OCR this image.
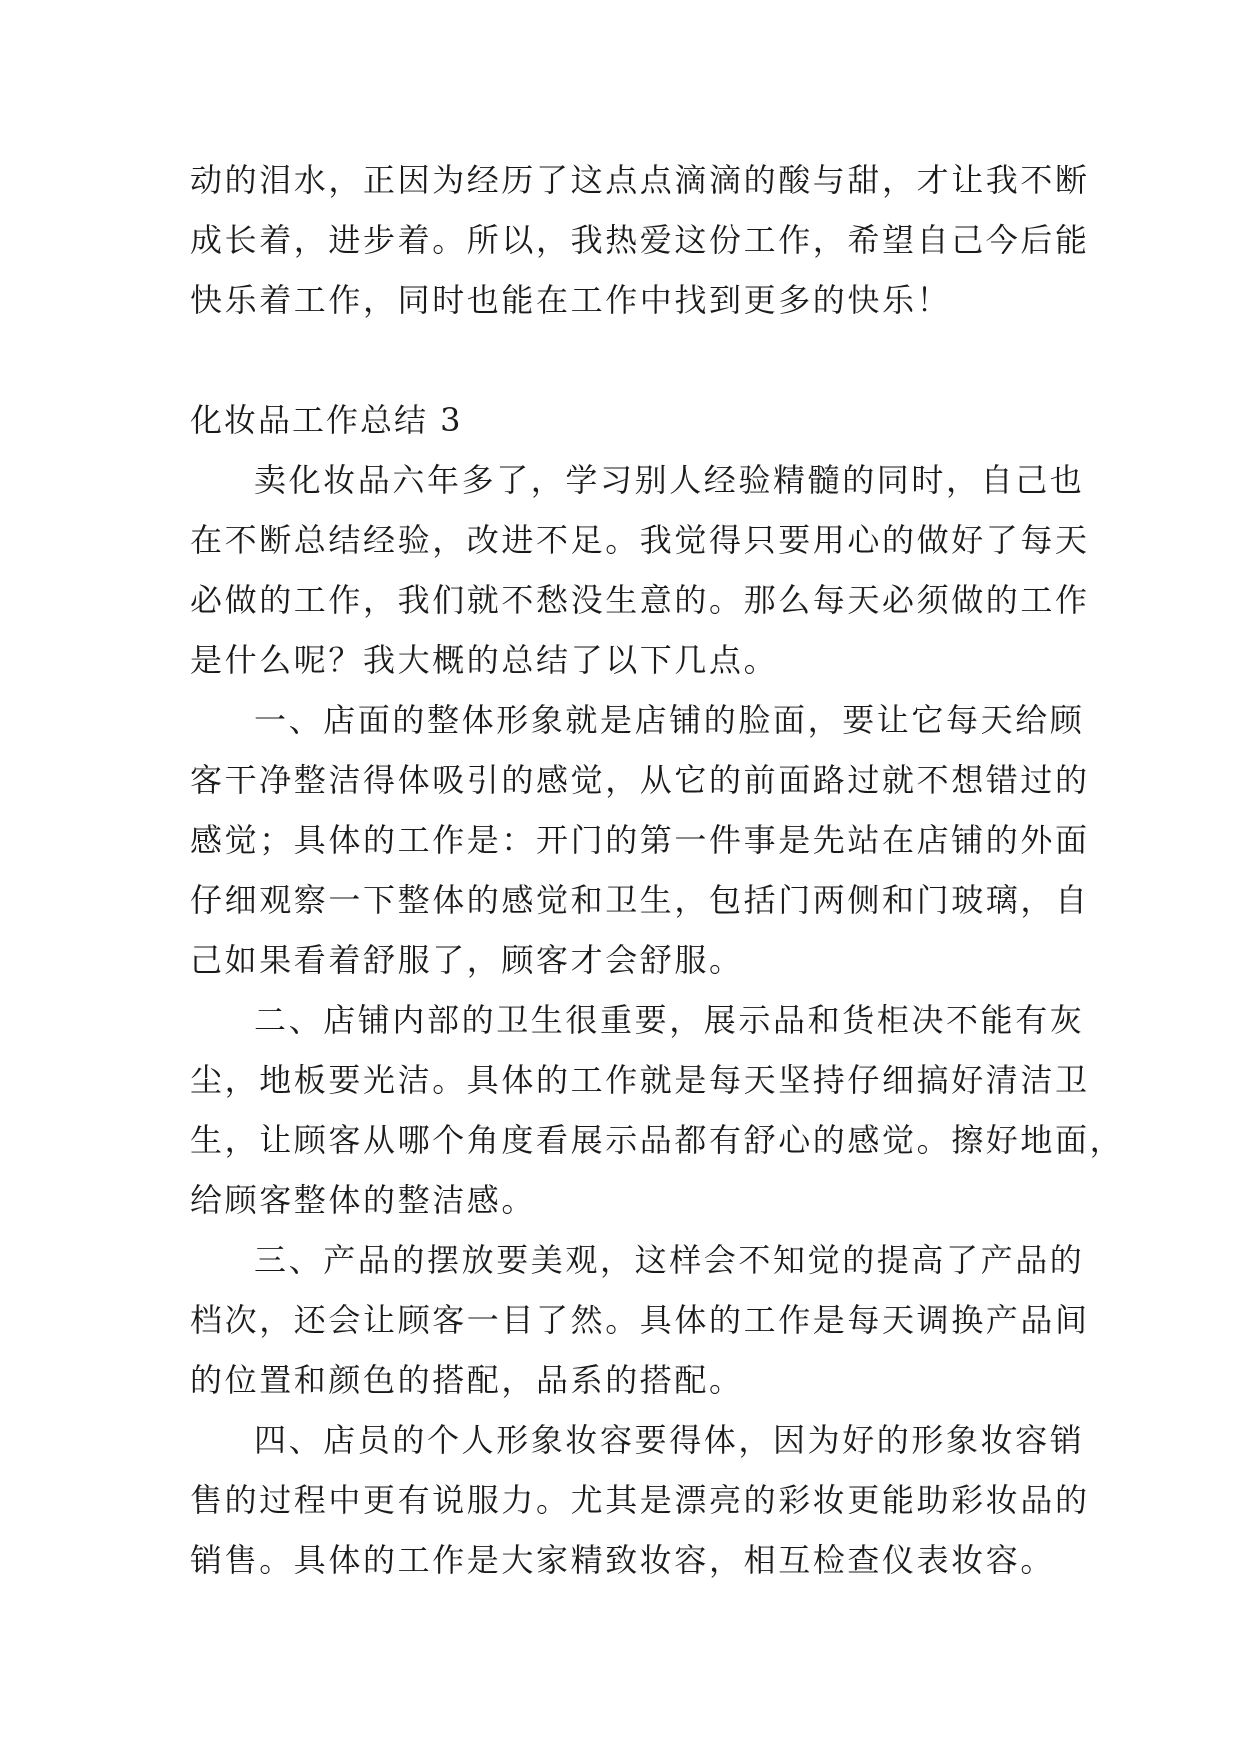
动的泪水，正因为经历了这点点滴滴的酸与甜，才让我不断
成长着，进步着。所以，我热爱这份工作，希望自己今后能
快乐着工作，同时也能在工作中找到更多的快乐！
化妆品工作总结 3
卖化妆品六年多了，学习别人经验精髓的同时，自己也
在不断总结经验，改进不足。我觉得只要用心的做好了每天
必做的工作，我们就不愁没生意的。那么每天必须做的工作
是什么呢？我大概的总结了以下几点。
一、店面的整体形象就是店铺的脸面，要让它每天给顾
客干净整洁得体吸引的感觉，从它的前面路过就不想错过的
感觉；具体的工作是：开门的第一件事是先站在店铺的外面
仔细观察一下整体的感觉和卫生，包括门两侧和门玻璃，自
己如果看着舒服了，顾客才会舒服。
二、店铺内部的卫生很重要，展示品和货柜决不能有灰
尘，地板要光洁。具体的工作就是每天坚持仔细搞好清洁卫
生，让顾客从哪个角度看展示品都有舒心的感觉。擦好地面，
给顾客整体的整洁感。
三、产品的摆放要美观，这样会不知觉的提高了产品的
档次，还会让顾客一目了然。具体的工作是每天调换产品间
的位置和颜色的搭配，品系的搭配。
四、店员的个人形象妆容要得体，因为好的形象妆容销
售的过程中更有说服力。尤其是漂亮的彩妆更能助彩妆品的
销售。具体的工作是大家精致妆容，相互检查仪表妆容。
